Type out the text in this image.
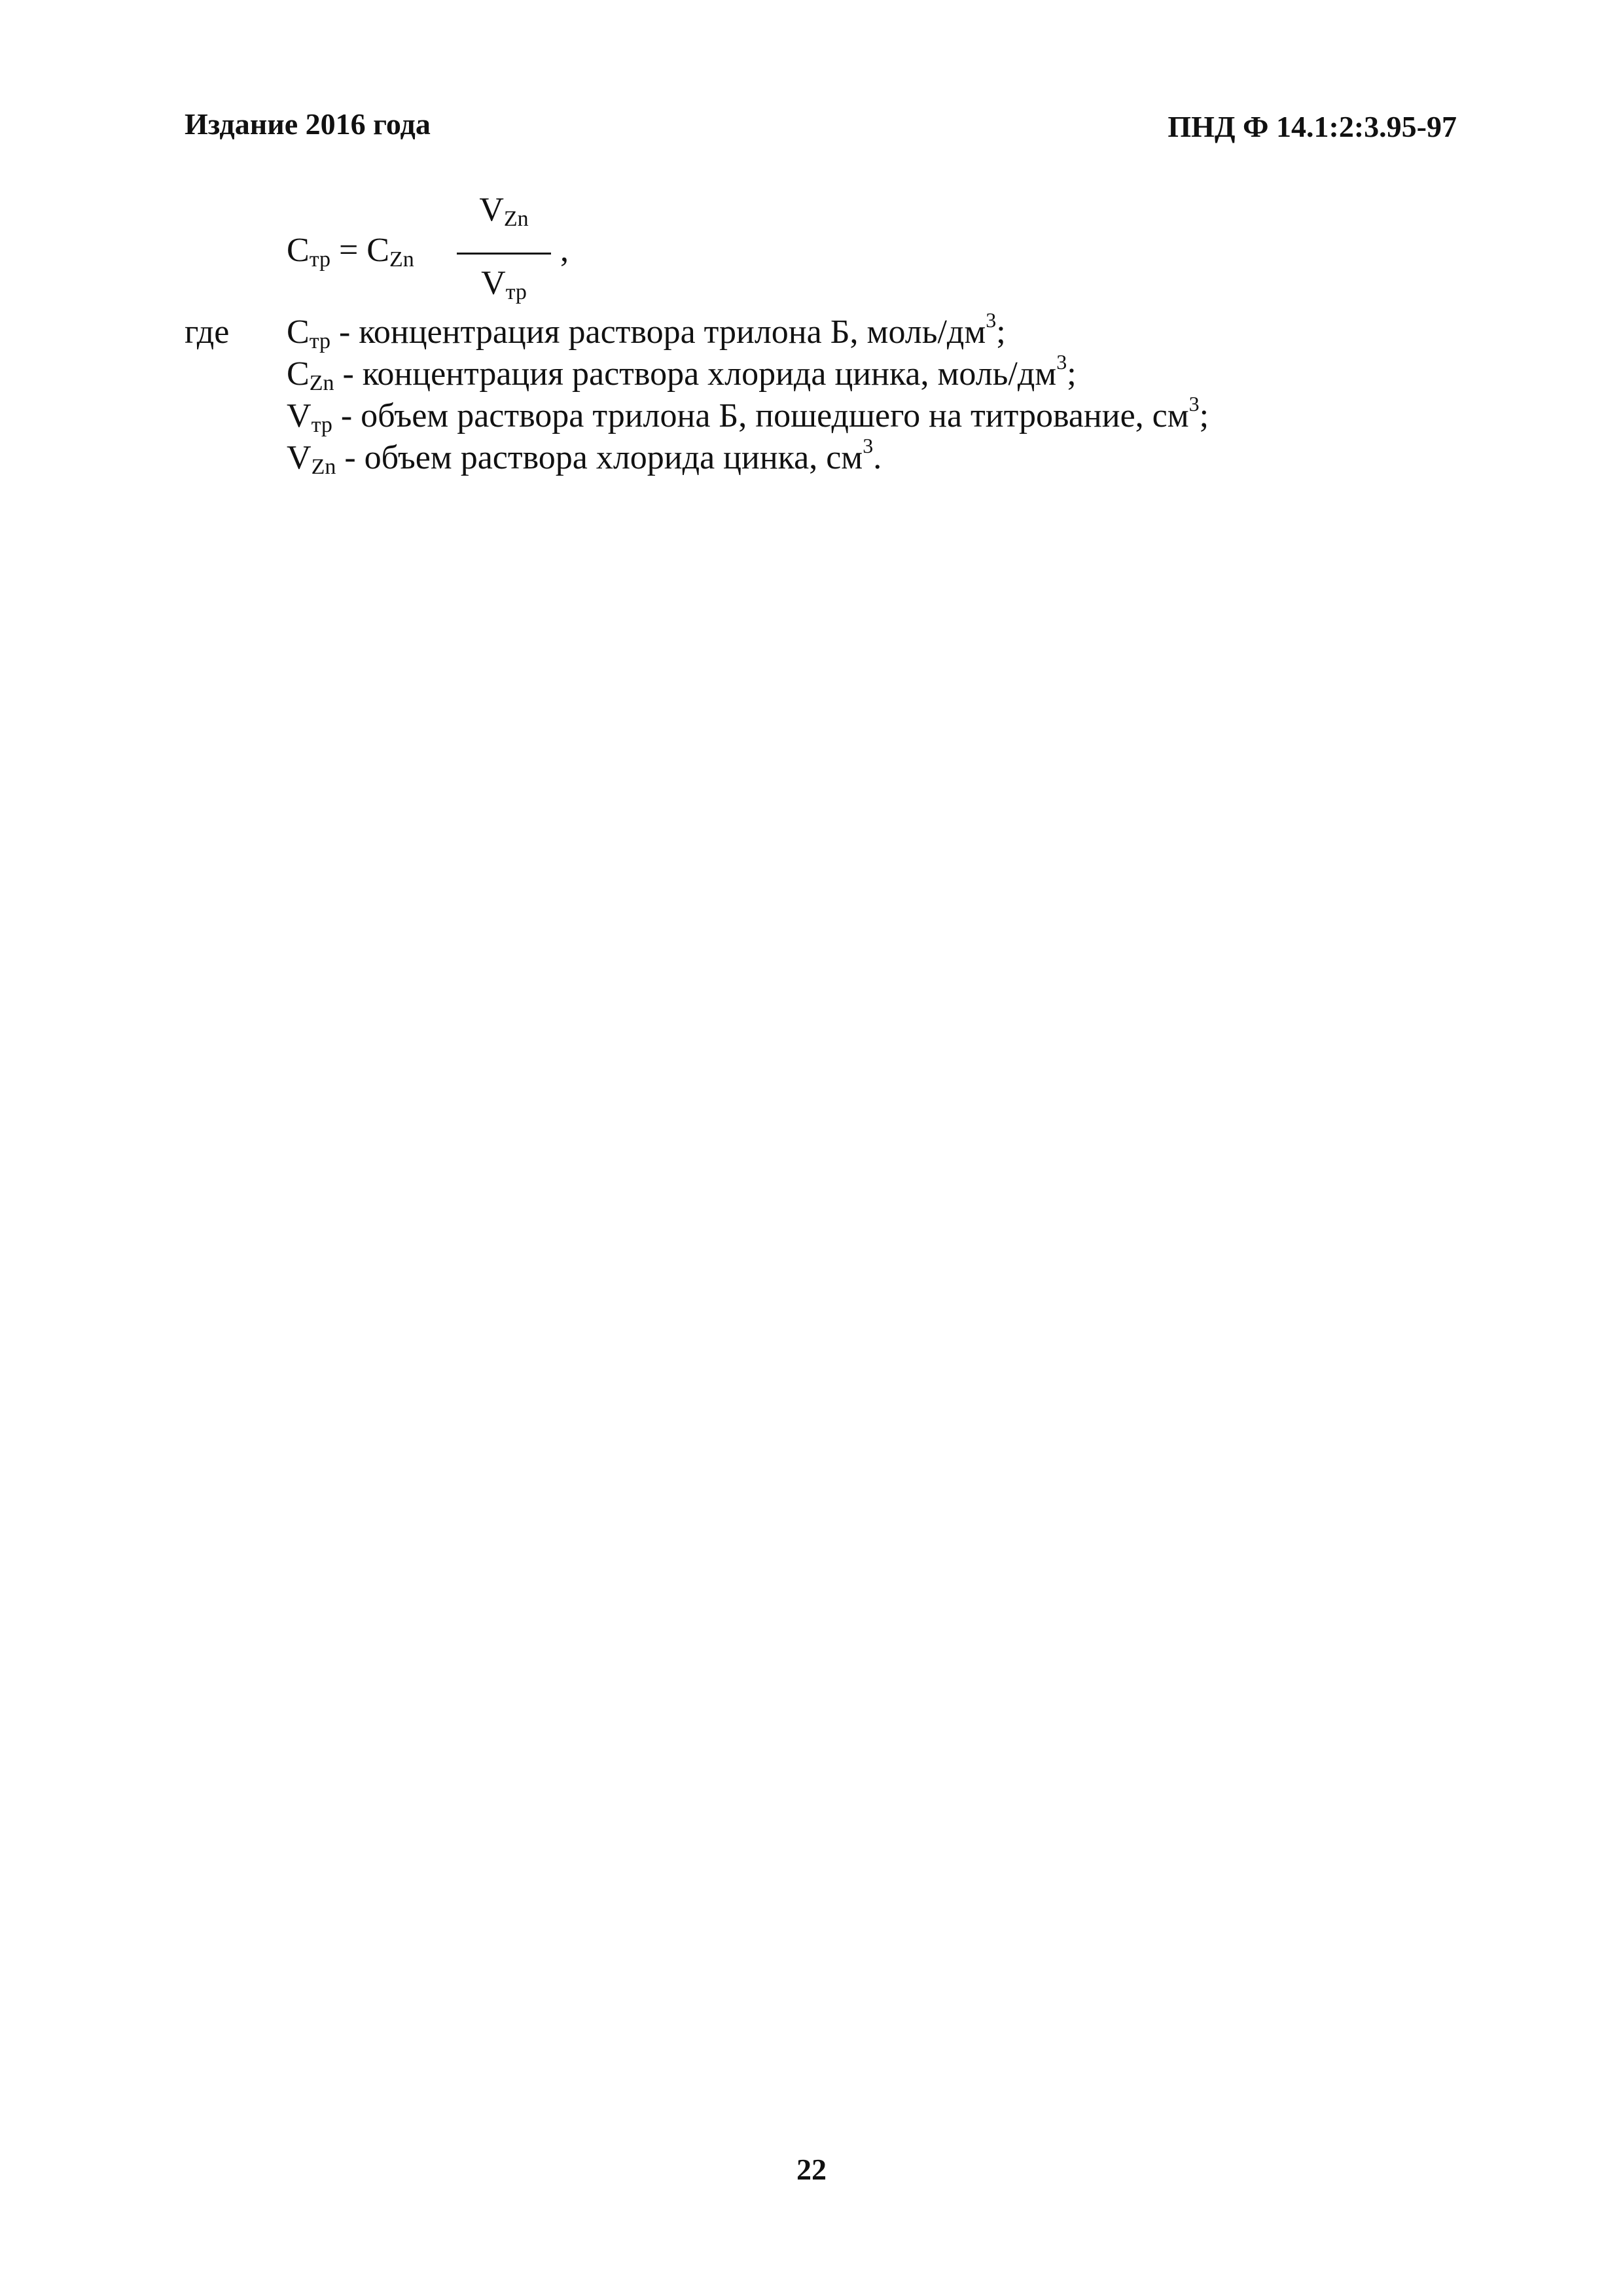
Издание 2016 года	ПНД Ф 14.1:2:3.95-97
$C_{тр} = C_{Zn}$
$V_{Zn}$
$V_{тр}$
,
где $C_{тр}$ - концентрация раствора трилона Б, моль/$дм^3$;
$C_{Zn}$ - концентрация раствора хлорида цинка, моль/$дм^3$;
$V_{тр}$ - объем раствора трилона Б, пошедшего на титрование, $см^3$;
$V_{Zn}$ - объем раствора хлорида цинка, $см^3$.
22
